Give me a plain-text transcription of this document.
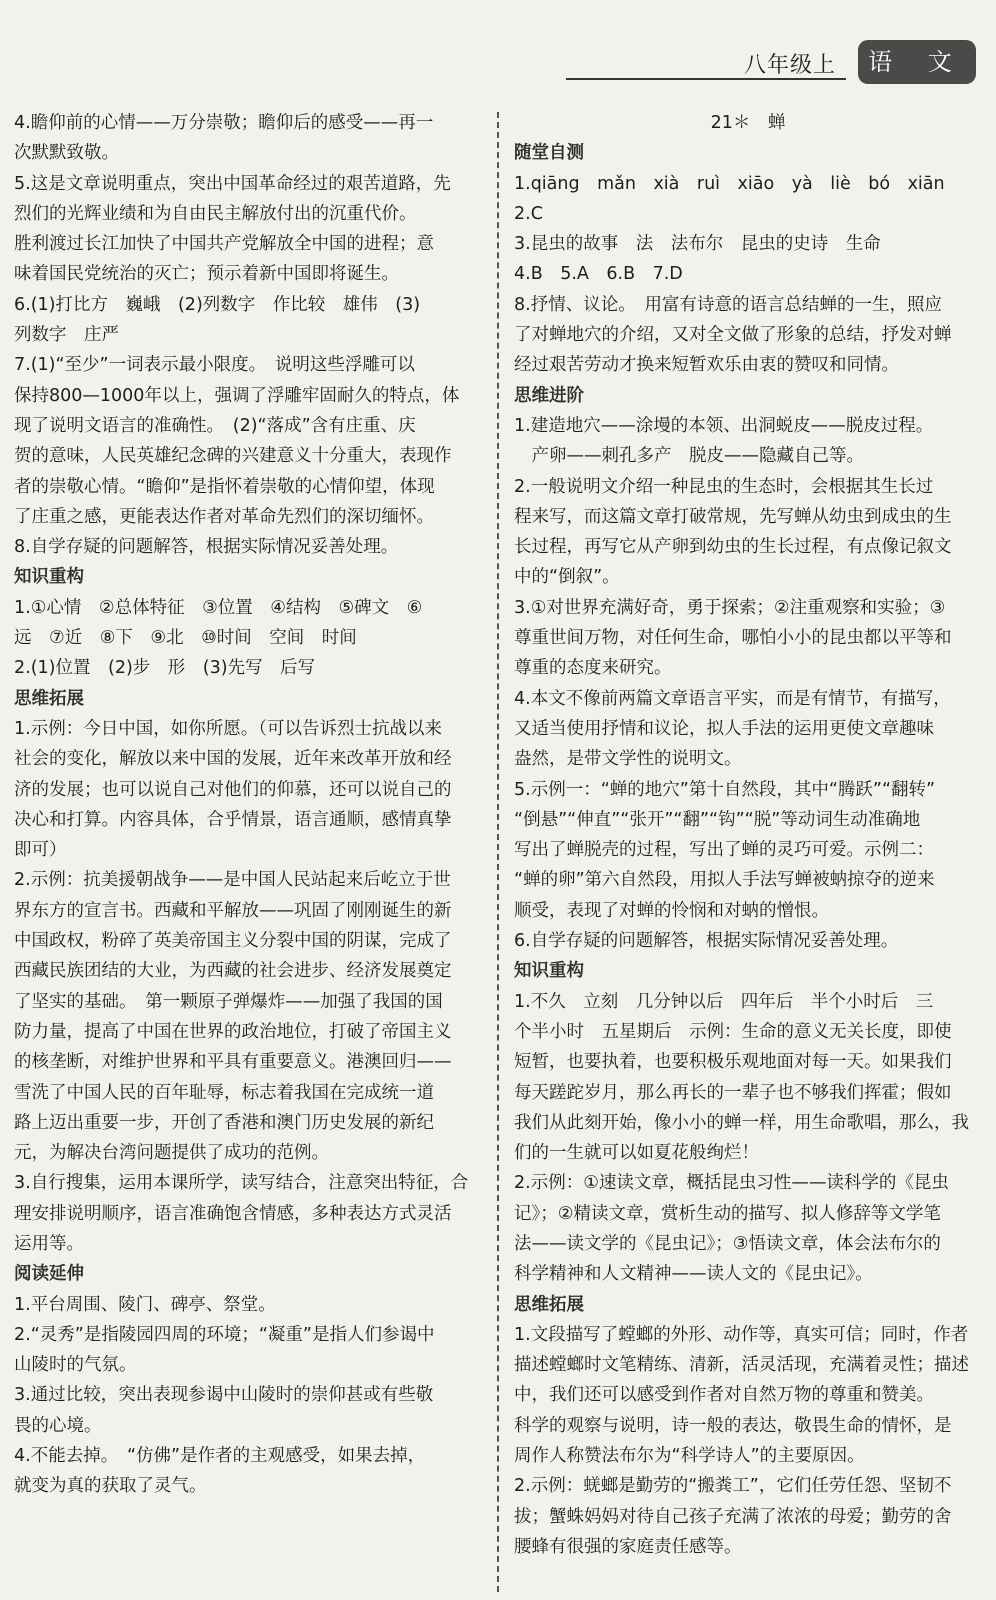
八年级上	语 文

4.瞻仰前的心情——万分崇敬；瞻仰后的感受——再一

次默默致敬。

5.这是文章说明重点，突出中国革命经过的艰苦道路，先

烈们的光辉业绩和为自由民主解放付出的沉重代价。

胜利渡过长江加快了中国共产党解放全中国的进程；意

味着国民党统治的灭亡；预示着新中国即将诞生。

6.(1)打比方　巍峨　(2)列数字　作比较　雄伟　(3)

列数字　庄严

7.(1)“至少”一词表示最小限度。　说明这些浮雕可以

保持800—1000年以上，强调了浮雕牢固耐久的特点，体

现了说明文语言的准确性。　(2)“落成”含有庄重、庆

贺的意味，人民英雄纪念碑的兴建意义十分重大，表现作

者的崇敬心情。“瞻仰”是指怀着崇敬的心情仰望，体现

了庄重之感，更能表达作者对革命先烈们的深切缅怀。

8.自学存疑的问题解答，根据实际情况妥善处理。

知识重构

1.①心情　②总体特征　③位置　④结构　⑤碑文　⑥

远　⑦近　⑧下　⑨北　⑩时间　空间　时间

2.(1)位置　(2)步　形　(3)先写　后写

思维拓展

1.示例：今日中国，如你所愿。（可以告诉烈士抗战以来

社会的变化，解放以来中国的发展，近年来改革开放和经

济的发展；也可以说自己对他们的仰慕，还可以说自己的

决心和打算。内容具体，合乎情景，语言通顺，感情真挚

即可）

2.示例：抗美援朝战争——是中国人民站起来后屹立于世

界东方的宣言书。西藏和平解放——巩固了刚刚诞生的新

中国政权，粉碎了英美帝国主义分裂中国的阴谋，完成了

西藏民族团结的大业，为西藏的社会进步、经济发展奠定

了坚实的基础。　第一颗原子弹爆炸——加强了我国的国

防力量，提高了中国在世界的政治地位，打破了帝国主义

的核垄断，对维护世界和平具有重要意义。港澳回归——

雪洗了中国人民的百年耻辱，标志着我国在完成统一道

路上迈出重要一步，开创了香港和澳门历史发展的新纪

元，为解决台湾问题提供了成功的范例。

3.自行搜集，运用本课所学，读写结合，注意突出特征，合

理安排说明顺序，语言准确饱含情感，多种表达方式灵活

运用等。

阅读延伸

1.平台周围、陵门、碑亭、祭堂。

2.“灵秀”是指陵园四周的环境；“凝重”是指人们参谒中

山陵时的气氛。

3.通过比较，突出表现参谒中山陵时的崇仰甚或有些敬

畏的心境。

4.不能去掉。　“仿佛”是作者的主观感受，如果去掉，

就变为真的获取了灵气。

21＊　蝉

随堂自测

1.qiāng　mǎn　xià　ruì　xiāo　yà　liè　bó　xiān

2.C

3.昆虫的故事　法　法布尔　昆虫的史诗　生命

4.B　5.A　6.B　7.D

8.抒情、议论。　用富有诗意的语言总结蝉的一生，照应

了对蝉地穴的介绍，又对全文做了形象的总结，抒发对蝉

经过艰苦劳动才换来短暂欢乐由衷的赞叹和同情。

思维进阶

1.建造地穴——涂墁的本领、出洞蜕皮——脱皮过程。

　产卵——刺孔多产　脱皮——隐藏自己等。

2.一般说明文介绍一种昆虫的生态时，会根据其生长过

程来写，而这篇文章打破常规，先写蝉从幼虫到成虫的生

长过程，再写它从产卵到幼虫的生长过程，有点像记叙文

中的“倒叙”。

3.①对世界充满好奇，勇于探索；②注重观察和实验；③

尊重世间万物，对任何生命，哪怕小小的昆虫都以平等和

尊重的态度来研究。

4.本文不像前两篇文章语言平实，而是有情节，有描写，

又适当使用抒情和议论，拟人手法的运用更使文章趣味

盎然，是带文学性的说明文。

5.示例一：“蝉的地穴”第十自然段，其中“腾跃”“翻转”

“倒悬”“伸直”“张开”“翻”“钩”“脱”等动词生动准确地

写出了蝉脱壳的过程，写出了蝉的灵巧可爱。示例二：

“蝉的卵”第六自然段，用拟人手法写蝉被蚋掠夺的逆来

顺受，表现了对蝉的怜悯和对蚋的憎恨。

6.自学存疑的问题解答，根据实际情况妥善处理。

知识重构

1.不久　立刻　几分钟以后　四年后　半个小时后　三

个半小时　五星期后　示例：生命的意义无关长度，即使

短暂，也要执着，也要积极乐观地面对每一天。如果我们

每天蹉跎岁月，那么再长的一辈子也不够我们挥霍；假如

我们从此刻开始，像小小的蝉一样，用生命歌唱，那么，我

们的一生就可以如夏花般绚烂！

2.示例：①速读文章，概括昆虫习性——读科学的《昆虫

记》；②精读文章，赏析生动的描写、拟人修辞等文学笔

法——读文学的《昆虫记》；③悟读文章，体会法布尔的

科学精神和人文精神——读人文的《昆虫记》。

思维拓展

1.文段描写了螳螂的外形、动作等，真实可信；同时，作者

描述螳螂时文笔精练、清新，活灵活现，充满着灵性；描述

中，我们还可以感受到作者对自然万物的尊重和赞美。

科学的观察与说明，诗一般的表达，敬畏生命的情怀，是

周作人称赞法布尔为“科学诗人”的主要原因。

2.示例：蜣螂是勤劳的“搬粪工”，它们任劳任怨、坚韧不

拔；蟹蛛妈妈对待自己孩子充满了浓浓的母爱；勤劳的舍

腰蜂有很强的家庭责任感等。
